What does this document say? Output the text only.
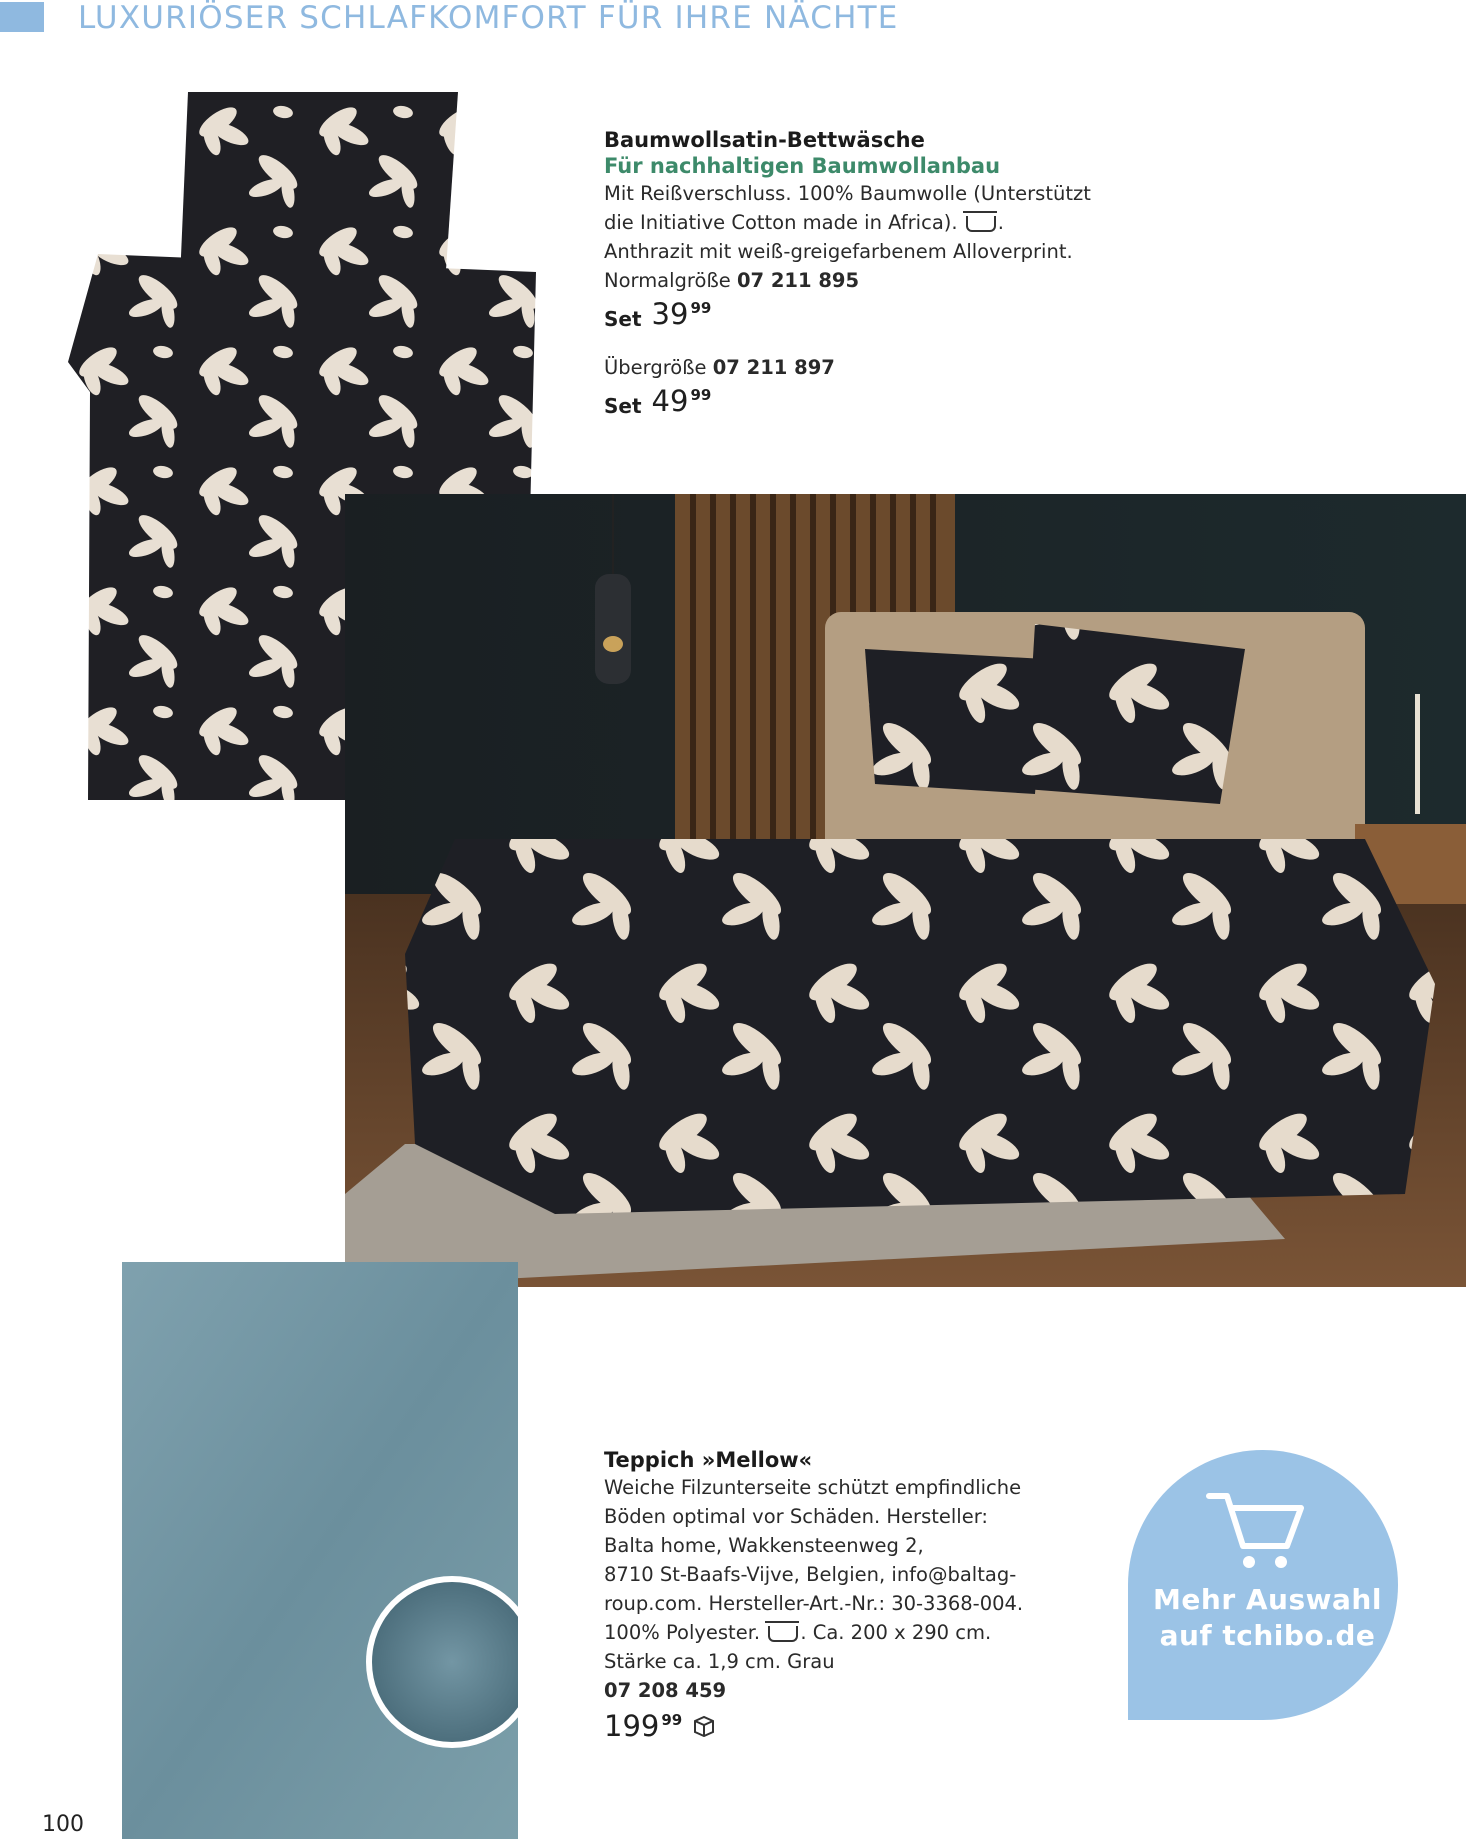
LUXURIÖSER SCHLAFKOMFORT FÜR IHRE NÄCHTE
Baumwollsatin-Bettwäsche
Für nachhaltigen Baumwollanbau
Mit Reißverschluss. 100% Baumwolle (Unterstützt
die Initiative Cotton made in Africa). .
Anthrazit mit weiß-greigefarbenem Alloverprint.
Normalgröße 07 211 895
Set 39 99
Übergröße 07 211 897
Set 49 99
Teppich »Mellow«
Weiche Filzunterseite schützt empfindliche
Böden optimal vor Schäden. Hersteller:
Balta home, Wakkensteenweg 2,
8710 St-Baafs-Vijve, Belgien, info@baltag-
roup.com. Hersteller-Art.-Nr.: 30-3368-004.
100% Polyester. . Ca. 200 x 290 cm.
Stärke ca. 1,9 cm. Grau
07 208 459
199 99
Mehr Auswahl
auf tchibo.de
100
